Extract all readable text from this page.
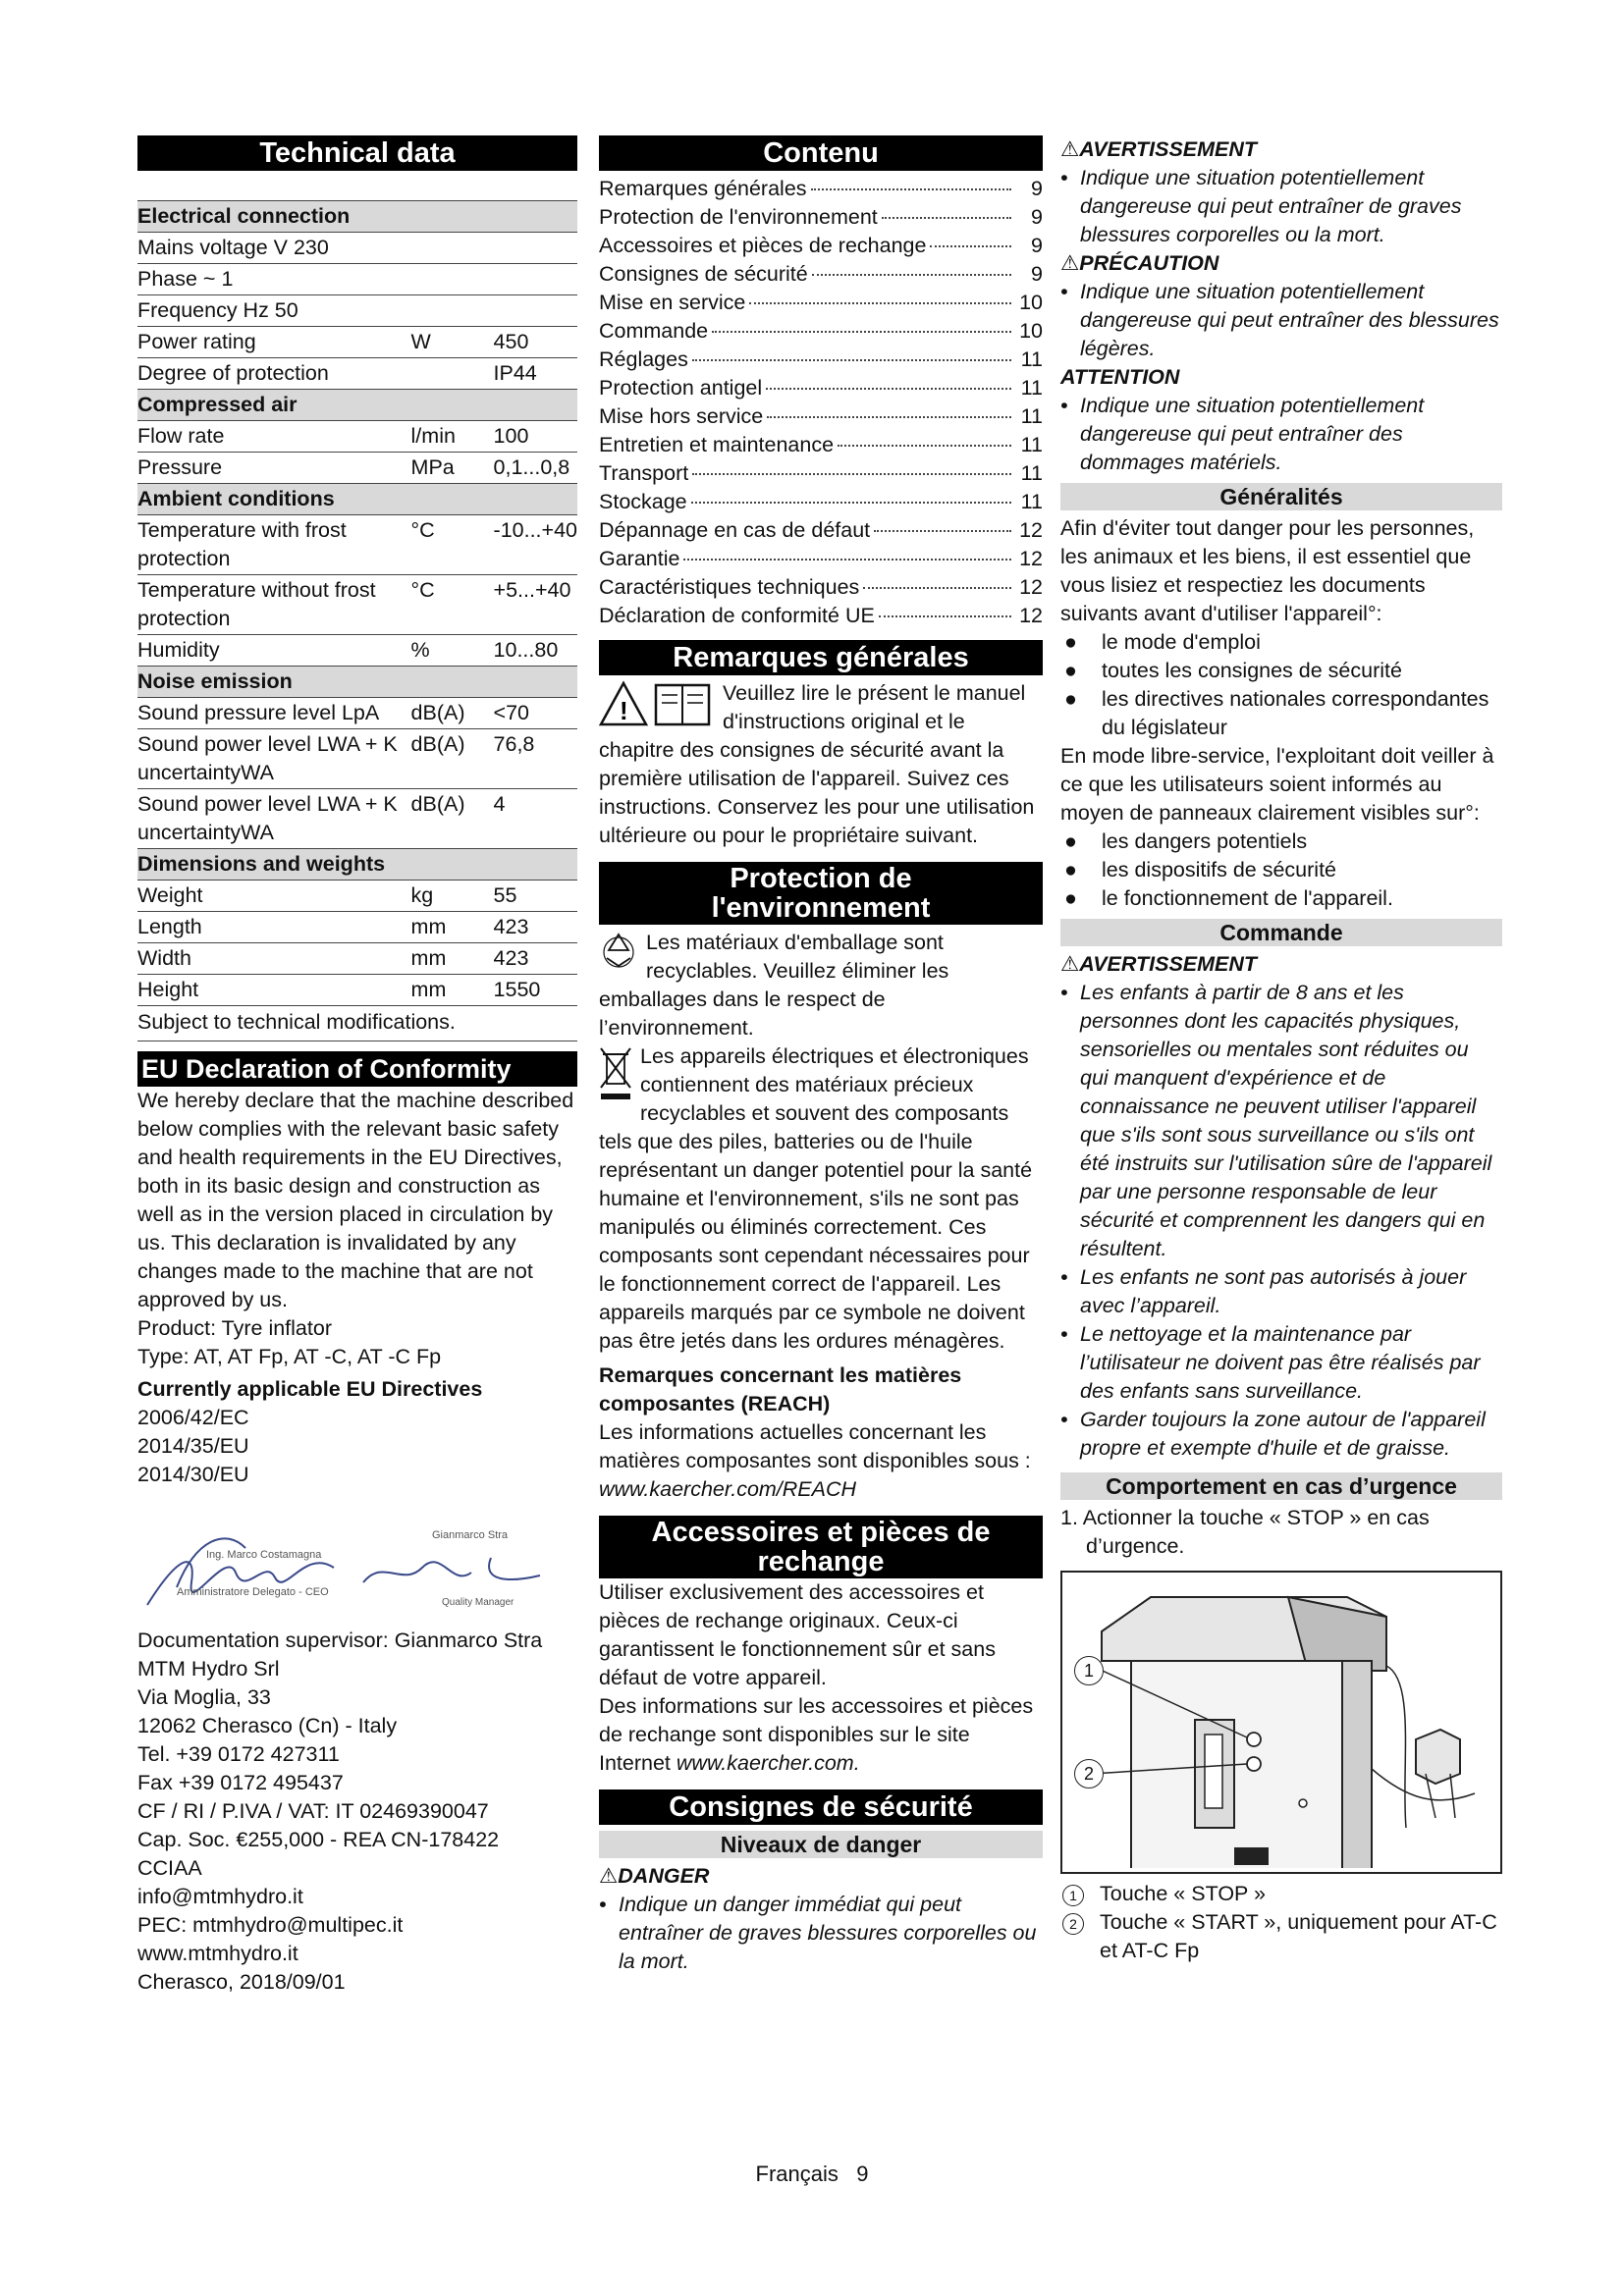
Technical data
Electrical connection		
Mains voltage V 230		
Phase ~ 1		
Frequency Hz 50		
Power rating	W	450
Degree of protection		IP44
Compressed air		
Flow rate	l/min	100
Pressure	MPa	0,1...0,8
Ambient conditions		
Temperature with frost protection	°C	-10...+40
Temperature without frost protection	°C	+5...+40
Humidity	%	10...80
Noise emission		
Sound pressure level LpA	dB(A)	<70
Sound power level LWA + K uncertaintyWA	dB(A)	76,8
Sound power level LWA + K uncertaintyWA	dB(A)	4
Dimensions and weights		
Weight	kg	55
Length	mm	423
Width	mm	423
Height	mm	1550

Subject to technical modifications.

EU Declaration of Conformity

We hereby declare that the machine described below complies with the relevant basic safety and health requirements in the EU Directives, both in its basic design and construction as well as in the version placed in circulation by us. This declaration is invalidated by any changes made to the machine that are not approved by us.

Product: Tyre inflator

Type: AT, AT Fp, AT -C, AT -C Fp

Currently applicable EU Directives

2006/42/EC

2014/35/EU

2014/30/EU

Gianmarco Stra
Quality Manager
Ing. Marco Costamagna
Amministratore Delegato - CEO

Documentation supervisor: Gianmarco Stra

MTM Hydro Srl

Via Moglia, 33

12062 Cherasco (Cn) - Italy

Tel. +39 0172 427311

Fax +39 0172 495437

CF / RI / P.IVA / VAT: IT 02469390047

Cap. Soc. €255,000 - REA CN-178422

CCIAA

info@mtmhydro.it

PEC: mtmhydro@multipec.it

www.mtmhydro.it

Cherasco, 2018/09/01

Contenu
Remarques générales	9
Protection de l'environnement	9
Accessoires et pièces de rechange	9
Consignes de sécurité	9
Mise en service	10
Commande	10
Réglages	11
Protection antigel	11
Mise hors service	11
Entretien et maintenance	11
Transport	11
Stockage	11
Dépannage en cas de défaut	12
Garantie	12
Caractéristiques techniques	12
Déclaration de conformité UE	12
Remarques générales
!

Veuillez lire le présent le manuel d'instructions original et le chapitre des consignes de sécurité avant la première utilisation de l'appareil. Suivez ces instructions. Conservez les pour une utilisation ultérieure ou pour le propriétaire suivant.

Protection de
l'environnement

Les matériaux d'emballage sont recyclables. Veuillez éliminer les emballages dans le respect de l’environnement.

Les appareils électriques et électroniques contiennent des matériaux précieux recyclables et souvent des composants tels que des piles, batteries ou de l'huile représentant un danger potentiel pour la santé humaine et l'environnement, s'ils ne sont pas manipulés ou éliminés correctement. Ces composants sont cependant nécessaires pour le fonctionnement correct de l'appareil. Les appareils marqués par ce symbole ne doivent pas être jetés dans les ordures ménagères.

Remarques concernant les matières composantes (REACH)

Les informations actuelles concernant les matières composantes sont disponibles sous : www.kaercher.com/REACH

Accessoires et pièces de
rechange

Utiliser exclusivement des accessoires et pièces de rechange originaux. Ceux-ci garantissent le fonctionnement sûr et sans défaut de votre appareil.

Des informations sur les accessoires et pièces de rechange sont disponibles sur le site Internet www.kaercher.com.

Consignes de sécurité
Niveaux de danger

⚠DANGER

• Indique un danger immédiat qui peut entraîner de graves blessures corporelles ou la mort.

⚠AVERTISSEMENT

• Indique une situation potentiellement dangereuse qui peut entraîner de graves blessures corporelles ou la mort.

⚠PRÉCAUTION

• Indique une situation potentiellement dangereuse qui peut entraîner des blessures légères.

ATTENTION

• Indique une situation potentiellement dangereuse qui peut entraîner des dommages matériels.
Généralités

Afin d'éviter tout danger pour les personnes, les animaux et les biens, il est essentiel que vous lisiez et respectiez les documents suivants avant d'utiliser l'appareil°:

●	le mode d'emploi
●	toutes les consignes de sécurité
●	les directives nationales correspondantes du législateur

En mode libre-service, l'exploitant doit veiller à ce que les utilisateurs soient informés au moyen de panneaux clairement visibles sur°:

●	les dangers potentiels
●	les dispositifs de sécurité
●	le fonctionnement de l'appareil.
Commande

⚠AVERTISSEMENT

• Les enfants à partir de 8 ans et les personnes dont les capacités physiques, sensorielles ou mentales sont réduites ou qui manquent d'expérience et de connaissance ne peuvent utiliser l'appareil que s'ils sont sous surveillance ou s'ils ont été instruits sur l'utilisation sûre de l'appareil par une personne responsable de leur sécurité et comprennent les dangers qui en résultent.
• Les enfants ne sont pas autorisés à jouer avec l’appareil.
• Le nettoyage et la maintenance par l’utilisateur ne doivent pas être réalisés par des enfants sans surveillance.
• Garder toujours la zone autour de l'appareil propre et exempte d'huile et de graisse.
Comportement en cas d’urgence

1. Actionner la touche « STOP » en cas d’urgence.

1
2
1	Touche « STOP »
2	Touche « START », uniquement pour AT-C et AT-C Fp
Français   9
